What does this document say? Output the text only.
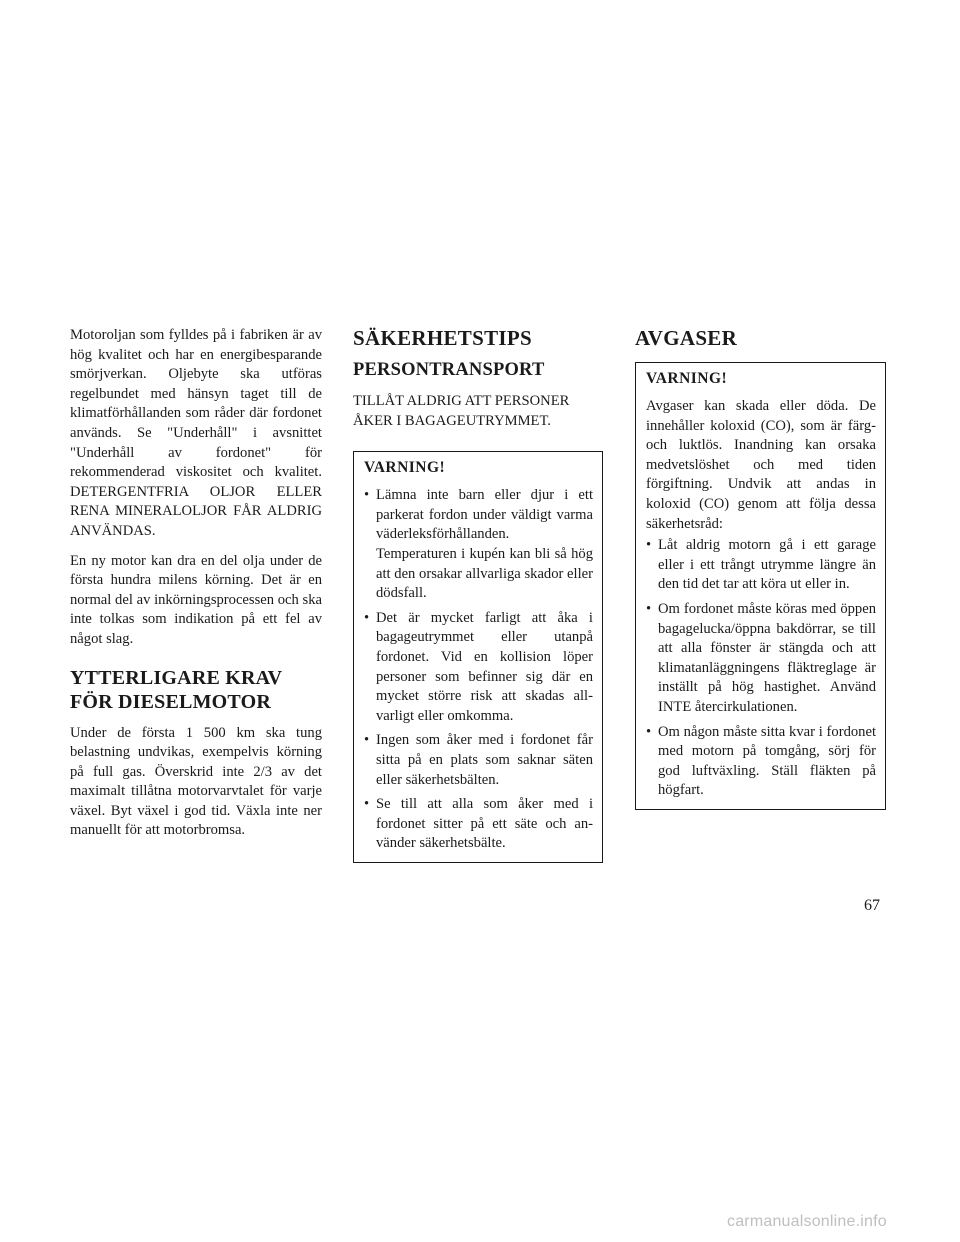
Motoroljan som fylldes på i fabriken är av hög kvalitet och har en energibesparande smörjverkan. Oljebyte ska utföras regelbundet med hänsyn taget till de klimatförhållanden som råder där fordonet används. Se "Underhåll" i avsnittet "Underhåll av fordonet" för rekommenderad viskositet och kvalitet. DETERGENTFRIA OLJOR ELLER RENA MINERALOLJOR FÅR ALDRIG ANVÄNDAS.

En ny motor kan dra en del olja under de första hundra milens körning. Det är en normal del av inkörningsprocessen och ska inte tolkas som indikation på ett fel av något slag.

YTTERLIGARE KRAV FÖR DIESELMOTOR

Under de första 1 500 km ska tung belastning undvikas, exempelvis körning på full gas. Överskrid inte 2/3 av det maximalt tillåtna motorvarvtalet för varje växel. Byt växel i god tid. Växla inte ner manuellt för att motorbromsa.

SÄKERHETSTIPS
PERSONTRANSPORT

TILLÅT ALDRIG ATT PERSONER ÅKER I BAGAGEUTRYMMET.

VARNING!
• Lämna inte barn eller djur i ett parkerat fordon under väldigt varma väderleksförhållanden. Temperaturen i kupén kan bli så hög att den orsakar allvarliga skador eller dödsfall.
• Det är mycket farligt att åka i bagageutrymmet eller utanpå fordonet. Vid en kollision löper personer som befinner sig där en mycket större risk att skadas allvarligt eller omkomma.
• Ingen som åker med i fordonet får sitta på en plats som saknar säten eller säkerhetsbälten.
• Se till att alla som åker med i fordonet sitter på ett säte och använder säkerhetsbälte.
AVGASER
VARNING!

Avgaser kan skada eller döda. De innehåller koloxid (CO), som är färg- och luktlös. Inandning kan orsaka medvetslöshet och med tiden förgiftning. Undvik att andas in koloxid (CO) genom att följa dessa säkerhetsråd:

• Låt aldrig motorn gå i ett garage eller i ett trångt utrymme längre än den tid det tar att köra ut eller in.
• Om fordonet måste köras med öppen bagagelucka/öppna bakdörrar, se till att alla fönster är stängda och att klimatanläggningens fläktreglage är inställt på hög hastighet. Använd INTE återcirkulationen.
• Om någon måste sitta kvar i fordonet med motorn på tomgång, sörj för god luftväxling. Ställ fläkten på högfart.
67
carmanualsonline.info
